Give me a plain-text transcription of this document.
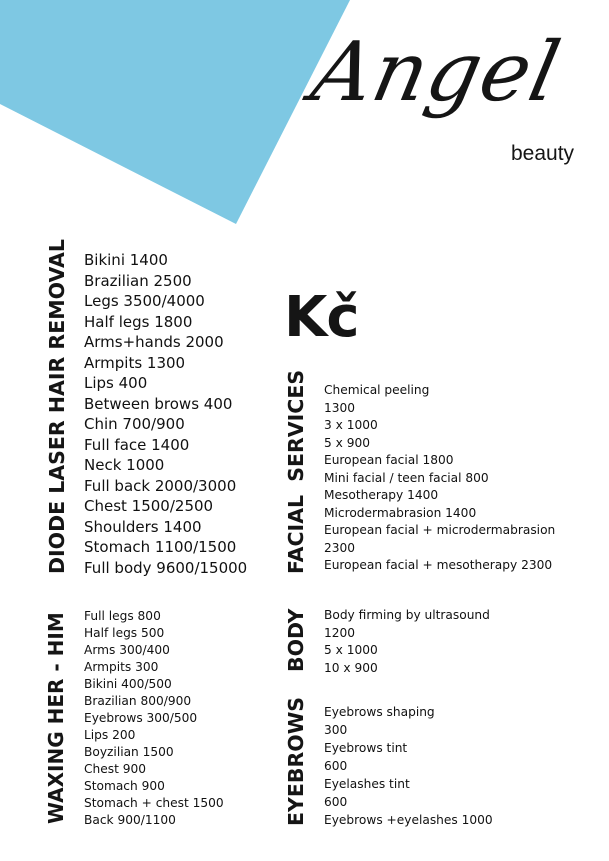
Angel
beauty
DIODE LASER HAIR REMOVAL Bikini 1400
Brazilian 2500
Legs 3500/4000
Half legs 1800
Arms+hands 2000
Armpits 1300
Lips 400
Between brows 400
Chin 700/900
Full face 1400
Neck 1000
Full back 2000/3000
Chest 1500/2500
Shoulders 1400
Stomach 1100/1500
Full body 9600/15000
WAXING HER - HIM Full legs 800
Half legs 500
Arms 300/400
Armpits 300
Bikini 400/500
Brazilian 800/900
Eyebrows 300/500
Lips 200
Boyzilian 1500
Chest 900
Stomach 900
Stomach + chest 1500
Back 900/1100
Kč
FACIAL SERVICES Chemical peeling
1300
3 x 1000
5 x 900
European facial 1800
Mini facial / teen facial 800
Mesotherapy 1400
Microdermabrasion 1400
European facial + microdermabrasion
2300
European facial + mesotherapy 2300
BODY Body firming by ultrasound
1200
5 x 1000
10 x 900
EYEBROWS Eyebrows shaping
300
Eyebrows tint
600
Eyelashes tint
600
Eyebrows +eyelashes 1000
